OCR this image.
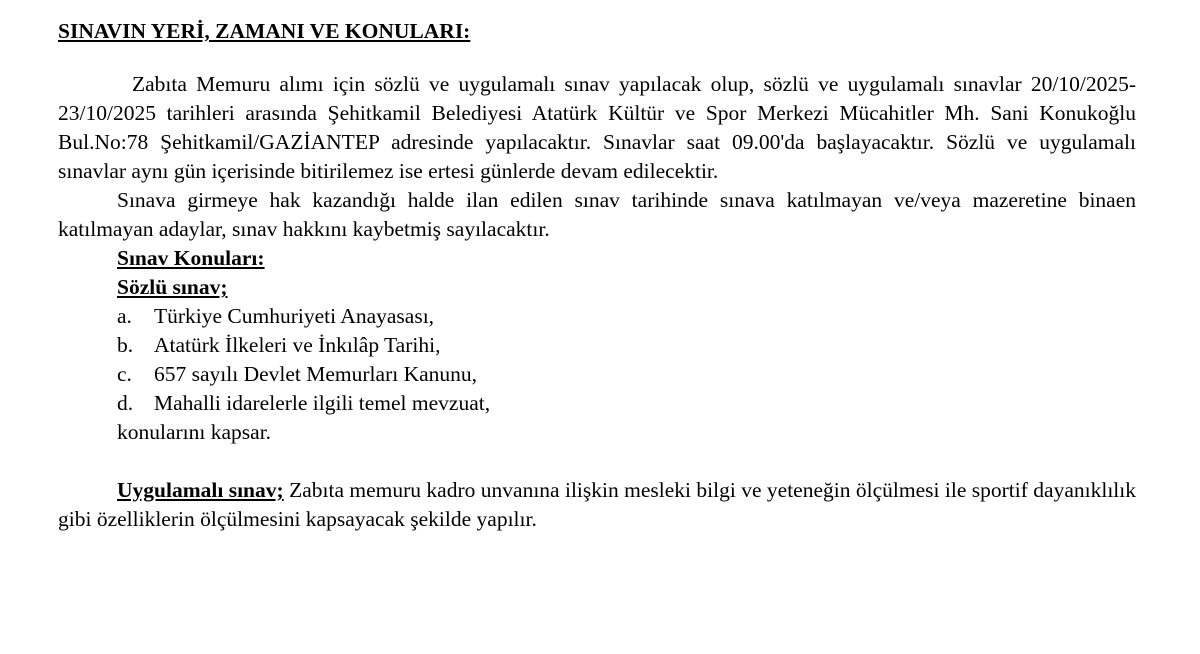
SINAVIN YERİ, ZAMANI VE KONULARI:

Zabıta Memuru alımı için sözlü ve uygulamalı sınav yapılacak olup, sözlü ve uygulamalı sınavlar 20/10/2025-23/10/2025 tarihleri arasında Şehitkamil Belediyesi Atatürk Kültür ve Spor Merkezi Mücahitler Mh. Sani Konukoğlu Bul.No:78 Şehitkamil/GAZİANTEP adresinde yapılacaktır. Sınavlar saat 09.00'da başlayacaktır. Sözlü ve uygulamalı sınavlar aynı gün içerisinde bitirilemez ise ertesi günlerde devam edilecektir.

Sınava girmeye hak kazandığı halde ilan edilen sınav tarihinde sınava katılmayan ve/veya mazeretine binaen katılmayan adaylar, sınav hakkını kaybetmiş sayılacaktır.

Sınav Konuları:

Sözlü sınav;

a.	Türkiye Cumhuriyeti Anayasası,
b. Atatürk İlkeleri ve İnkılâp Tarihi,
c.	657 sayılı Devlet Memurları Kanunu,
d. Mahalli idarelerle ilgili temel mevzuat,

konularını kapsar.

Uygulamalı sınav; Zabıta memuru kadro unvanına ilişkin mesleki bilgi ve yeteneğin ölçülmesi ile sportif dayanıklılık gibi özelliklerin ölçülmesini kapsayacak şekilde yapılır.
